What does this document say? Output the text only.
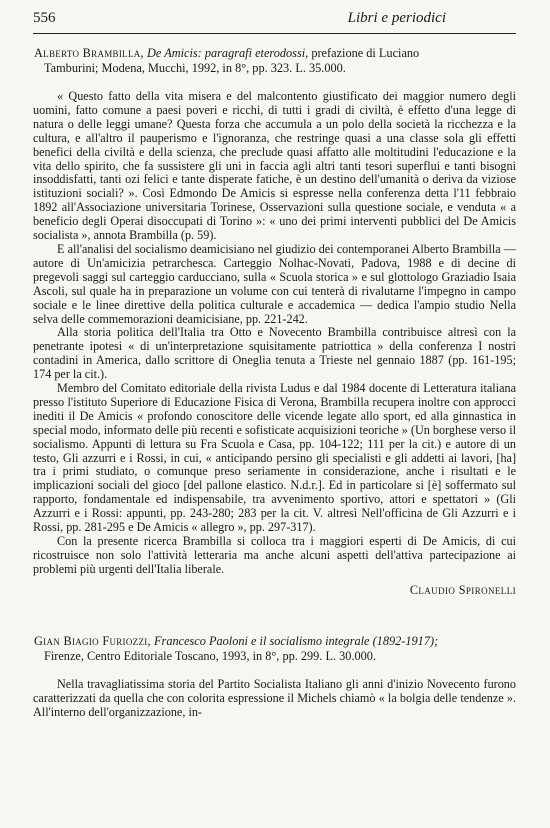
556	Libri e periodici
Alberto Brambilla, De Amicis: paragrafi eterodossi, prefazione di Luciano
Tamburini; Modena, Mucchi, 1992, in 8°, pp. 323. L. 35.000.

« Questo fatto della vita misera e del malcontento giustificato dei maggior numero degli uomini, fatto comune a paesi poveri e ricchi, di tutti i gradi di civiltà, è effetto d'una legge di natura o delle leggi umane? Questa forza che accumula a un polo della società la ricchezza e la cultura, e all'altro il pauperismo e l'ignoranza, che restringe quasi a una classe sola gli effetti benefici della civiltà e della scienza, che preclude quasi affatto alle moltitudini l'educazione e la vita dello spirito, che fa sussistere gli uni in faccia agli altri tanti tesori superflui e tanti bisogni insoddisfatti, tanti ozi felici e tante disperate fatiche, è un destino dell'umanità o deriva da viziose istituzioni sociali? ». Così Edmondo De Amicis si espresse nella conferenza detta l'11 febbraio 1892 all'Associazione universitaria Torinese, Osservazioni sulla questione sociale, e venduta « a beneficio degli Operai disoccupati di Torino »: « uno dei primi interventi pubblici del De Amicis socialista », annota Brambilla (p. 59).

E all'analisi del socialismo deamicisiano nel giudizio dei contemporanei Alberto Brambilla — autore di Un'amicizia petrarchesca. Carteggio Nolhac-Novati, Padova, 1988 e di decine di pregevoli saggi sul carteggio carducciano, sulla « Scuola storica » e sul glottologo Graziadio Isaia Ascoli, sul quale ha in preparazione un volume con cui tenterà di rivalutarne l'impegno in campo sociale e le linee direttive della politica culturale e accademica — dedica l'ampio studio Nella selva delle commemorazioni deamicisiane, pp. 221-242.

Alla storia politica dell'Italia tra Otto e Novecento Brambilla contribuisce altresì con la penetrante ipotesi « di un'interpretazione squisitamente patriottica » della conferenza I nostri contadini in America, dallo scrittore di Oneglia tenuta a Trieste nel gennaio 1887 (pp. 161-195; 174 per la cit.).

Membro del Comitato editoriale della rivista Ludus e dal 1984 docente di Letteratura italiana presso l'istituto Superiore di Educazione Fisica di Verona, Brambilla recupera inoltre con approcci inediti il De Amicis « profondo conoscitore delle vicende legate allo sport, ed alla ginnastica in special modo, informato delle più recenti e sofisticate acquisizioni teoriche » (Un borghese verso il socialismo. Appunti di lettura su Fra Scuola e Casa, pp. 104-122; 111 per la cit.) e autore di un testo, Gli azzurri e i Rossi, in cui, « anticipando persino gli specialisti e gli addetti ai lavori, [ha] tra i primi studiato, o comunque preso seriamente in considerazione, anche i risultati e le implicazioni sociali del gioco [del pallone elastico. N.d.r.]. Ed in particolare si [è] soffermato sul rapporto, fondamentale ed indispensabile, tra avvenimento sportivo, attori e spettatori » (Gli Azzurri e i Rossi: appunti, pp. 243-280; 283 per la cit. V. altresì Nell'officina de Gli Azzurri e i Rossi, pp. 281-295 e De Amicis « allegro », pp. 297-317).

Con la presente ricerca Brambilla si colloca tra i maggiori esperti di De Amicis, di cui ricostruisce non solo l'attività letteraria ma anche alcuni aspetti dell'attiva partecipazione ai problemi più urgenti dell'Italia liberale.

Claudio Spironelli
Gian Biagio Furiozzi, Francesco Paoloni e il socialismo integrale (1892-1917);
Firenze, Centro Editoriale Toscano, 1993, in 8°, pp. 299. L. 30.000.

Nella travagliatissima storia del Partito Socialista Italiano gli anni d'inizio Novecento furono caratterizzati da quella che con colorita espressione il Michels chiamò « la bolgia delle tendenze ». All'interno dell'organizzazione, in-
